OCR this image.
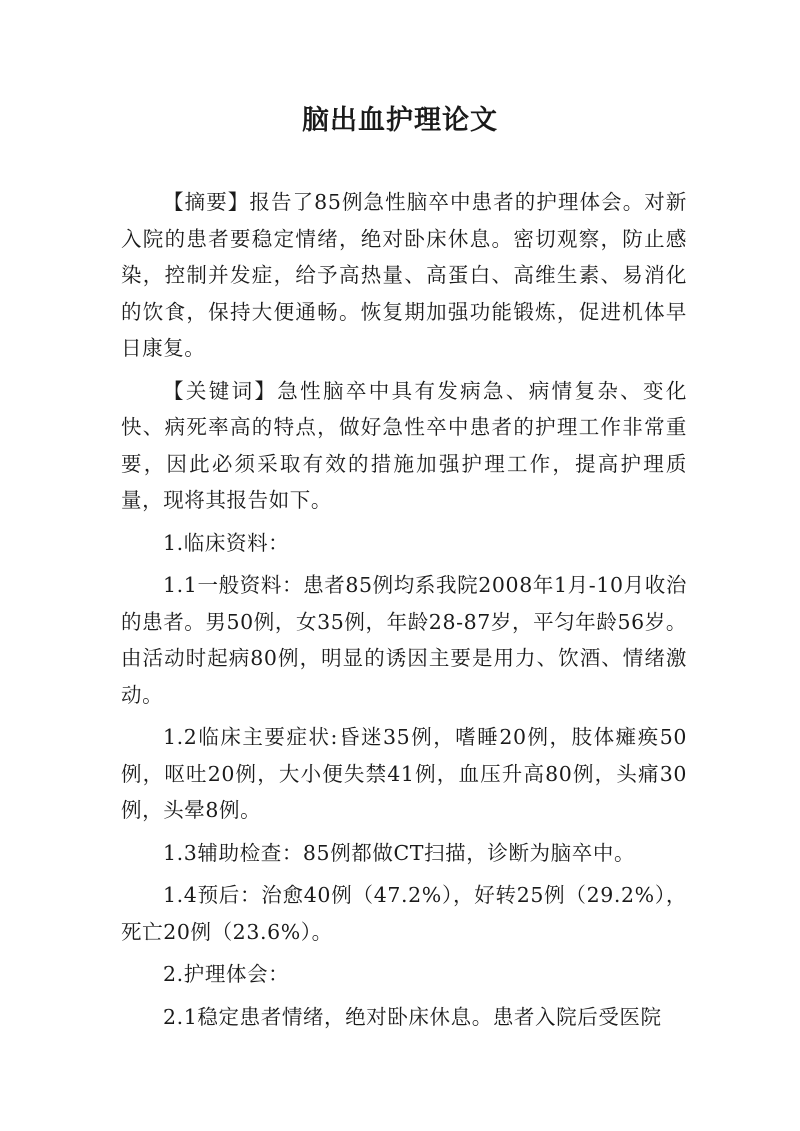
脑出血护理论文

【摘要】报告了85例急性脑卒中患者的护理体会。对新入院的患者要稳定情绪，绝对卧床休息。密切观察，防止感染，控制并发症，给予高热量、高蛋白、高维生素、易消化的饮食，保持大便通畅。恢复期加强功能锻炼，促进机体早日康复。

【关键词】急性脑卒中具有发病急、病情复杂、变化快、病死率高的特点，做好急性卒中患者的护理工作非常重要，因此必须采取有效的措施加强护理工作，提高护理质量，现将其报告如下。

1.临床资料：

1.1一般资料：患者85例均系我院2008年1月-10月收治的患者。男50例，女35例，年龄28-87岁，平匀年龄56岁。由活动时起病80例，明显的诱因主要是用力、饮酒、情绪激动。

1.2临床主要症状:昏迷35例，嗜睡20例，肢体瘫痪50例，呕吐20例，大小便失禁41例，血压升高80例，头痛30例，头晕8例。

1.3辅助检查：85例都做CT扫描，诊断为脑卒中。

1.4预后：治愈40例（47.2%），好转25例（29.2%），死亡20例（23.6%）。

2.护理体会：

2.1稳定患者情绪，绝对卧床休息。患者入院后受医院
